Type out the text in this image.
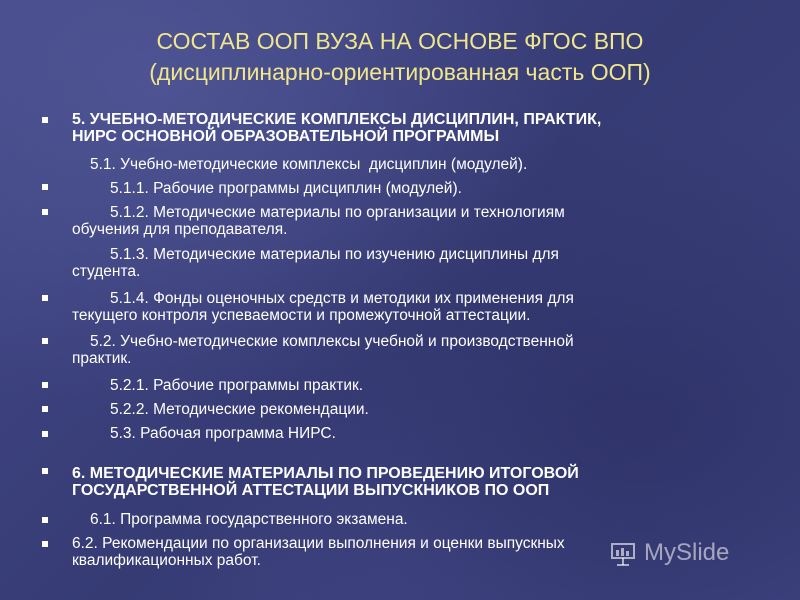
СОСТАВ ООП ВУЗА НА ОСНОВЕ ФГОС ВПО
(дисциплинарно-ориентированная часть ООП)
5. УЧЕБНО-МЕТОДИЧЕСКИЕ КОМПЛЕКСЫ ДИСЦИПЛИН, ПРАКТИК,
НИРС ОСНОВНОЙ ОБРАЗОВАТЕЛЬНОЙ ПРОГРАММЫ
5.1. Учебно-методические комплексы  дисциплин (модулей).
5.1.1. Рабочие программы дисциплин (модулей).
5.1.2. Методические материалы по организации и технологиям
обучения для преподавателя.
5.1.3. Методические материалы по изучению дисциплины для
студента.
5.1.4. Фонды оценочных средств и методики их применения для
текущего контроля успеваемости и промежуточной аттестации.
5.2. Учебно-методические комплексы учебной и производственной
практик.
5.2.1. Рабочие программы практик.
5.2.2. Методические рекомендации.
5.3. Рабочая программа НИРС.
6. МЕТОДИЧЕСКИЕ МАТЕРИАЛЫ ПО ПРОВЕДЕНИЮ ИТОГОВОЙ
ГОСУДАРСТВЕННОЙ АТТЕСТАЦИИ ВЫПУСКНИКОВ ПО ООП
6.1. Программа государственного экзамена.
6.2. Рекомендации по организации выполнения и оценки выпускных
квалификационных работ.	MySlide
